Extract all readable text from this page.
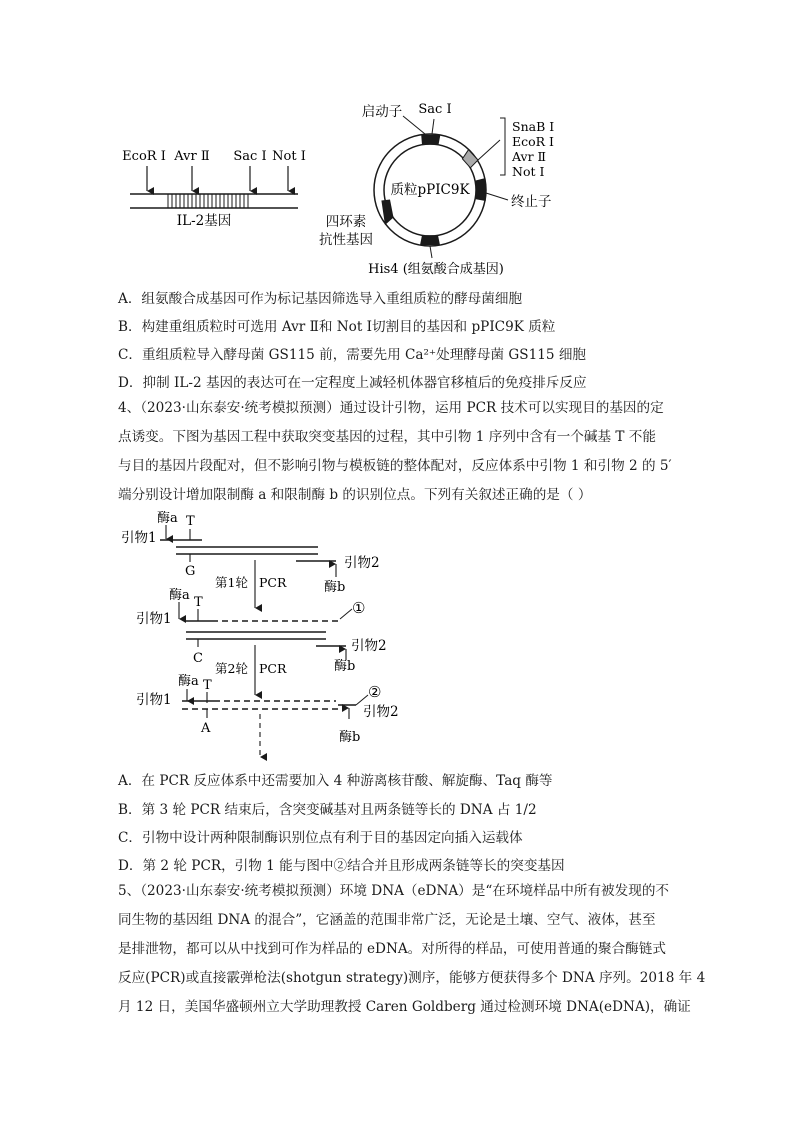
EcoR Ⅰ Avr Ⅱ Sac Ⅰ Not Ⅰ
IL-2基因
启动子 Sac Ⅰ
质粒pPIC9K
SnaB Ⅰ
EcoR Ⅰ
Avr Ⅱ
Not Ⅰ
终止子
四环素
抗性基因
His4 (组氨酸合成基因)
A．组氨酸合成基因可作为标记基因筛选导入重组质粒的酵母菌细胞
B．构建重组质粒时可选用 Avr Ⅱ和 Not Ⅰ切割目的基因和 pPIC9K 质粒
C．重组质粒导入酵母菌 GS115 前，需要先用 Ca²⁺处理酵母菌 GS115 细胞
D．抑制 IL-2 基因的表达可在一定程度上减轻机体器官移植后的免疫排斥反应
4、（2023·山东泰安·统考模拟预测）通过设计引物，运用 PCR 技术可以实现目的基因的定
点诱变。下图为基因工程中获取突变基因的过程，其中引物 1 序列中含有一个碱基 T 不能
与目的基因片段配对，但不影响引物与模板链的整体配对，反应体系中引物 1 和引物 2 的 5′
端分别设计增加限制酶 a 和限制酶 b 的识别位点。下列有关叙述正确的是（ ）
酶a T
引物1
G
引物2
酶b
第1轮 PCR
酶a T
引物1
①
C
引物2
酶b
第2轮 PCR
酶a T
引物1	②
A
引物2
酶b
A．在 PCR 反应体系中还需要加入 4 种游离核苷酸、解旋酶、Taq 酶等
B．第 3 轮 PCR 结束后，含突变碱基对且两条链等长的 DNA 占 1/2
C．引物中设计两种限制酶识别位点有利于目的基因定向插入运载体
D．第 2 轮 PCR，引物 1 能与图中②结合并且形成两条链等长的突变基因
5、（2023·山东泰安·统考模拟预测）环境 DNA（eDNA）是“在环境样品中所有被发现的不
同生物的基因组 DNA 的混合”，它涵盖的范围非常广泛，无论是土壤、空气、液体，甚至
是排泄物，都可以从中找到可作为样品的 eDNA。对所得的样品，可使用普通的聚合酶链式
反应(PCR)或直接霰弹枪法(shotgun strategy)测序，能够方便获得多个 DNA 序列。2018 年 4
月 12 日，美国华盛顿州立大学助理教授 Caren Goldberg 通过检测环境 DNA(eDNA)，确证
